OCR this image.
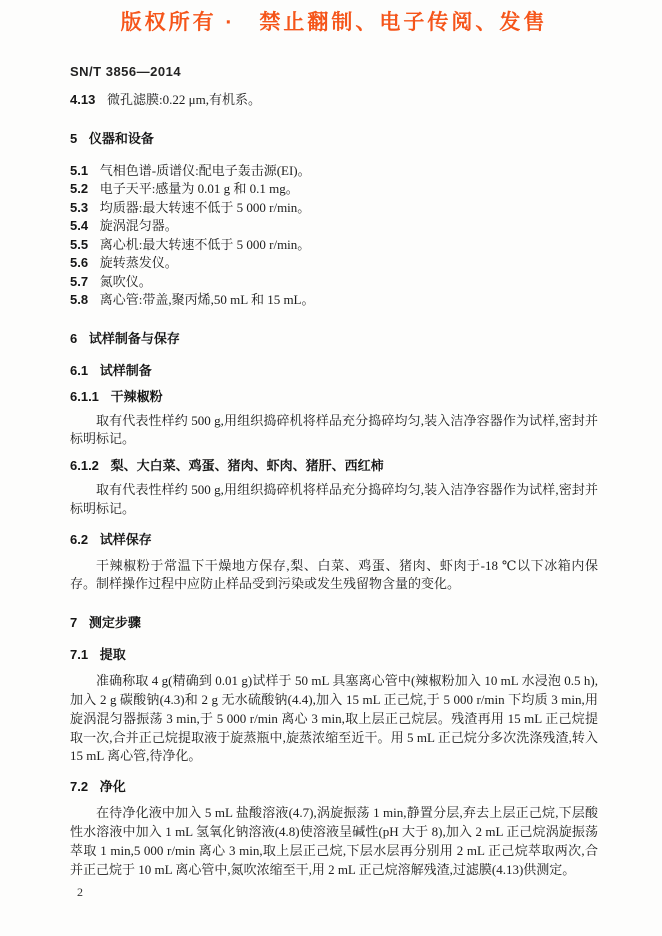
版权所有 ·　禁止翻制、电子传阅、发售
SN/T 3856—2014
4.13 微孔滤膜:0.22 μm,有机系。
5 仪器和设备
5.1 气相色谱-质谱仪:配电子轰击源(EI)。
5.2 电子天平:感量为 0.01 g 和 0.1 mg。
5.3 均质器:最大转速不低于 5 000 r/min。
5.4 旋涡混匀器。
5.5 离心机:最大转速不低于 5 000 r/min。
5.6 旋转蒸发仪。
5.7 氮吹仪。
5.8 离心管:带盖,聚丙烯,50 mL 和 15 mL。
6 试样制备与保存
6.1 试样制备
6.1.1 干辣椒粉
取有代表性样约 500 g,用组织捣碎机将样品充分捣碎均匀,装入洁净容器作为试样,密封并标明标记。
6.1.2 梨、大白菜、鸡蛋、猪肉、虾肉、猪肝、西红柿
取有代表性样约 500 g,用组织捣碎机将样品充分捣碎均匀,装入洁净容器作为试样,密封并标明标记。
6.2 试样保存
干辣椒粉于常温下干燥地方保存,梨、白菜、鸡蛋、猪肉、虾肉于-18 ℃以下冰箱内保存。制样操作过程中应防止样品受到污染或发生残留物含量的变化。
7 测定步骤
7.1 提取
准确称取 4 g(精确到 0.01 g)试样于 50 mL 具塞离心管中(辣椒粉加入 10 mL 水浸泡 0.5 h),加入 2 g 碳酸钠(4.3)和 2 g 无水硫酸钠(4.4),加入 15 mL 正己烷,于 5 000 r/min 下均质 3 min,用旋涡混匀器振荡 3 min,于 5 000 r/min 离心 3 min,取上层正己烷层。残渣再用 15 mL 正己烷提取一次,合并正己烷提取液于旋蒸瓶中,旋蒸浓缩至近干。用 5 mL 正己烷分多次洗涤残渣,转入 15 mL 离心管,待净化。
7.2 净化
在待净化液中加入 5 mL 盐酸溶液(4.7),涡旋振荡 1 min,静置分层,弃去上层正己烷,下层酸性水溶液中加入 1 mL 氢氧化钠溶液(4.8)使溶液呈碱性(pH 大于 8),加入 2 mL 正己烷涡旋振荡萃取 1 min,5 000 r/min 离心 3 min,取上层正己烷,下层水层再分别用 2 mL 正己烷萃取两次,合并正己烷于 10 mL 离心管中,氮吹浓缩至干,用 2 mL 正己烷溶解残渣,过滤膜(4.13)供测定。
2
